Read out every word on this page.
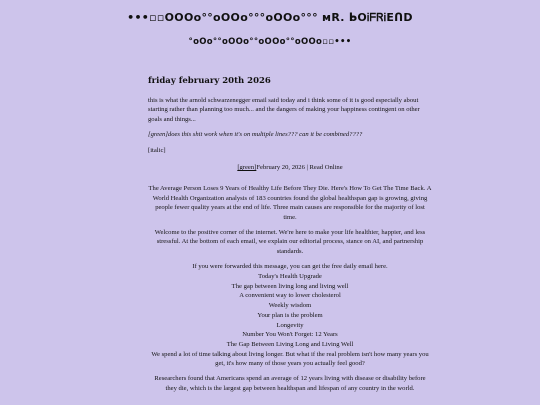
•••▫▫OOOo°°oOOo°°°oOOo°°° ᴍR. ᖯOᎥᖴᏒᎥEᑎD
°oOo°°oOOo°°oOOo°°oOOo▫▫•••
friday february 20th 2026

this is what the arnold schwarzenegger email said today and i think some of it is good especially about starting rather than planning too much... and the dangers of making your happiness contingent on other goals and things...

[green]does this shit work when it's on multiple lines??? can it be combined????

[italic]

[green]February 20, 2026 | Read Online

The Average Person Loses 9 Years of Healthy Life Before They Die. Here's How To Get The Time Back. A World Health Organization analysis of 183 countries found the global healthspan gap is growing, giving people fewer quality years at the end of life. Three main causes are responsible for the majority of lost time.

Welcome to the positive corner of the internet. We're here to make your life healthier, happier, and less stressful. At the bottom of each email, we explain our editorial process, stance on AI, and partnership standards.

If you were forwarded this message, you can get the free daily email here.
Today's Health Upgrade
The gap between living long and living well
A convenient way to lower cholesterol
Weekly wisdom
Your plan is the problem
Longevity
Number You Won't Forget: 12 Years
The Gap Between Living Long and Living Well

We spend a lot of time talking about living longer. But what if the real problem isn't how many years you get, it's how many of those years you actually feel good?

Researchers found that Americans spend an average of 12 years living with disease or disability before they die, which is the largest gap between healthspan and lifespan of any country in the world.
